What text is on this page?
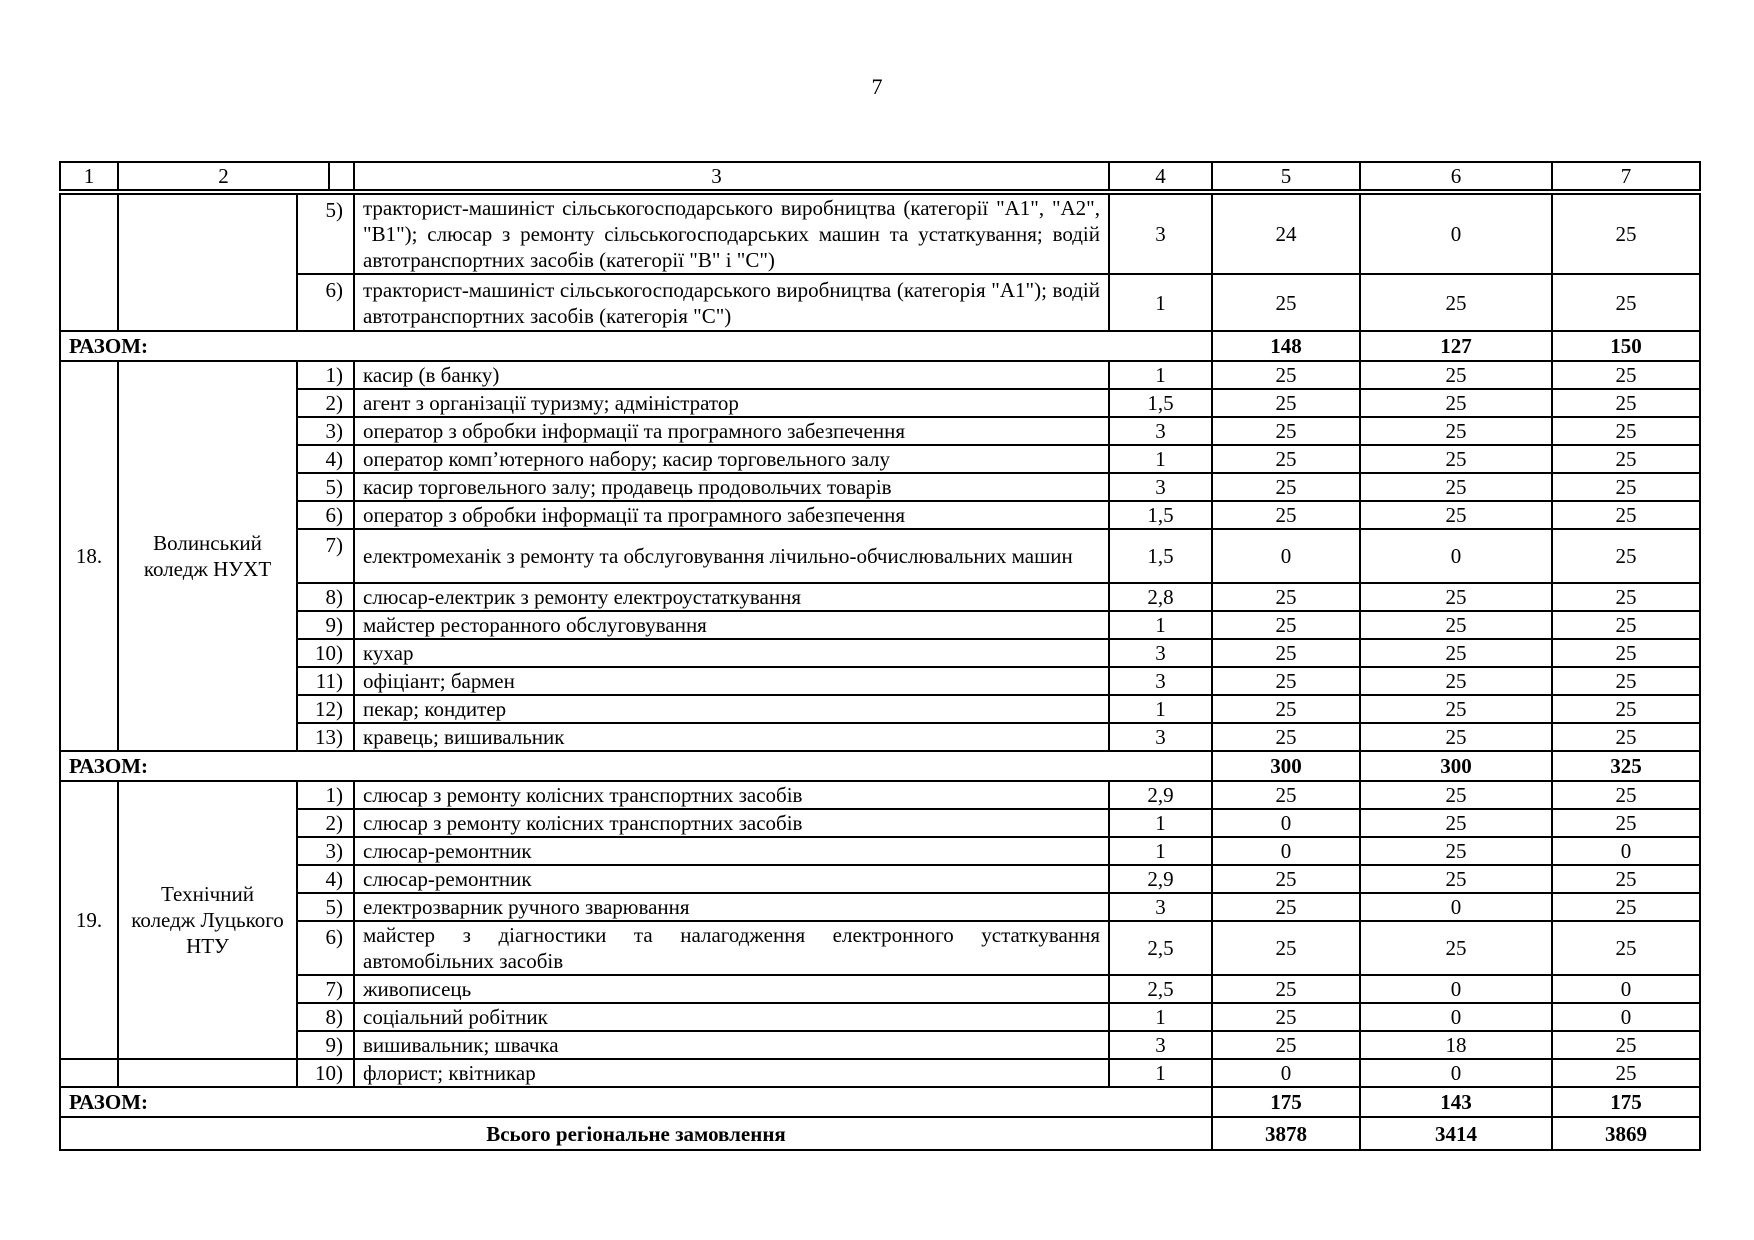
7
1	2		3	4	5	6	7
		5)	тракторист-машиніст сільськогосподарського виробництва (категорії "A1", "A2", "B1"); слюсар з ремонту сільськогосподарських машин та устаткування; водій автотранспортних засобів (категорії "B" і "C")	3	24	0	25
		6)	тракторист-машиніст сільськогосподарського виробництва (категорія "A1"); водій автотранспортних засобів (категорія "C")	1	25	25	25
РАЗОМ:					148	127	150
18.	Волинський коледж НУХТ	1)	касир (в банку)	1	25	25	25
		2)	агент з організації туризму; адміністратор	1,5	25	25	25
		3)	оператор з обробки інформації та програмного забезпечення	3	25	25	25
		4)	оператор комп’ютерного набору; касир торговельного залу	1	25	25	25
		5)	касир торговельного залу; продавець продовольчих товарів	3	25	25	25
		6)	оператор з обробки інформації та програмного забезпечення	1,5	25	25	25
		7)	електромеханік з ремонту та обслуговування лічильно-обчислювальних машин	1,5	0	0	25
		8)	слюсар-електрик з ремонту електроустаткування	2,8	25	25	25
		9)	майстер ресторанного обслуговування	1	25	25	25
		10)	кухар	3	25	25	25
		11)	офіціант; бармен	3	25	25	25
		12)	пекар; кондитер	1	25	25	25
		13)	кравець; вишивальник	3	25	25	25
РАЗОМ:					300	300	325
19.	Технічний коледж Луцького НТУ	1)	слюсар з ремонту колісних транспортних засобів	2,9	25	25	25
		2)	слюсар з ремонту колісних транспортних засобів	1	0	25	25
		3)	слюсар-ремонтник	1	0	25	0
		4)	слюсар-ремонтник	2,9	25	25	25
		5)	електрозварник ручного зварювання	3	25	0	25
		6)	майстер з діагностики та налагодження електронного устаткування автомобільних засобів	2,5	25	25	25
		7)	живописець	2,5	25	0	0
		8)	соціальний робітник	1	25	0	0
		9)	вишивальник; швачка	3	25	18	25
		10)	флорист; квітникар	1	0	0	25
РАЗОМ:					175	143	175
Всього регіональне замовлення					3878	3414	3869
